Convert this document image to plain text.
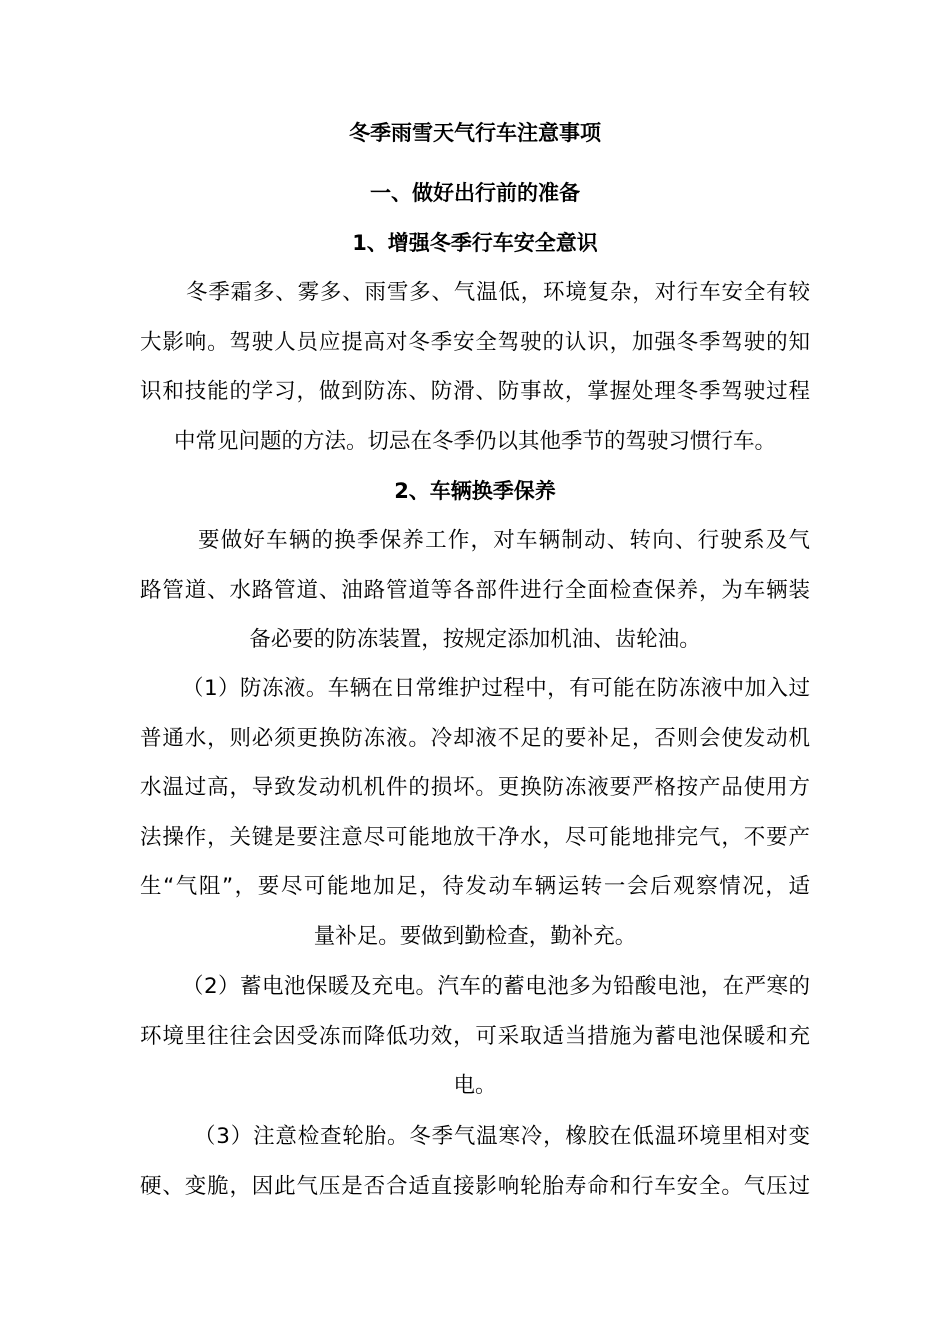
冬季雨雪天气行车注意事项
一、做好出行前的准备
1、增强冬季行车安全意识
冬季霜多、雾多、雨雪多、气温低，环境复杂，对行车安全有较
大影响。驾驶人员应提高对冬季安全驾驶的认识，加强冬季驾驶的知
识和技能的学习，做到防冻、防滑、防事故，掌握处理冬季驾驶过程
中常见问题的方法。切忌在冬季仍以其他季节的驾驶习惯行车。
2、车辆换季保养
要做好车辆的换季保养工作，对车辆制动、转向、行驶系及气
路管道、水路管道、油路管道等各部件进行全面检查保养，为车辆装
备必要的防冻装置，按规定添加机油、齿轮油。
（1）防冻液。车辆在日常维护过程中，有可能在防冻液中加入过
普通水，则必须更换防冻液。冷却液不足的要补足，否则会使发动机
水温过高，导致发动机机件的损坏。更换防冻液要严格按产品使用方
法操作，关键是要注意尽可能地放干净水，尽可能地排完气，不要产
生“气阻”，要尽可能地加足，待发动车辆运转一会后观察情况，适
量补足。要做到勤检查，勤补充。
（2）蓄电池保暖及充电。汽车的蓄电池多为铅酸电池，在严寒的
环境里往往会因受冻而降低功效，可采取适当措施为蓄电池保暖和充
电。
（3）注意检查轮胎。冬季气温寒冷，橡胶在低温环境里相对变
硬、变脆，因此气压是否合适直接影响轮胎寿命和行车安全。气压过
